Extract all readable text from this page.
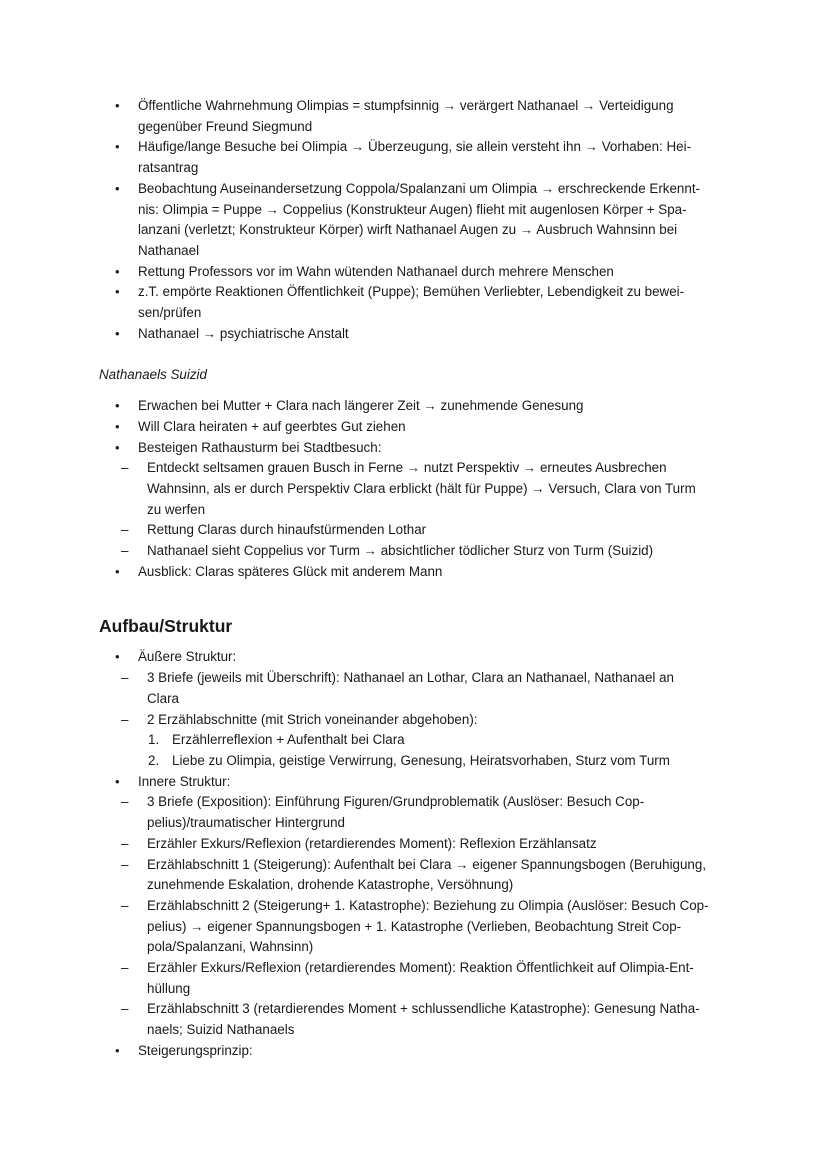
• Öffentliche Wahrnehmung Olimpias = stumpfsinnig → verärgert Nathanael → Verteidigung
gegenüber Freund Siegmund
• Häufige/lange Besuche bei Olimpia → Überzeugung, sie allein versteht ihn → Vorhaben: Hei-
ratsantrag
• Beobachtung Auseinandersetzung Coppola/Spalanzani um Olimpia → erschreckende Erkennt-
nis: Olimpia = Puppe → Coppelius (Konstrukteur Augen) flieht mit augenlosen Körper + Spa-
lanzani (verletzt; Konstrukteur Körper) wirft Nathanael Augen zu → Ausbruch Wahnsinn bei
Nathanael
• Rettung Professors vor im Wahn wütenden Nathanael durch mehrere Menschen
• z.T. empörte Reaktionen Öffentlichkeit (Puppe); Bemühen Verliebter, Lebendigkeit zu bewei-
sen/prüfen
• Nathanael → psychiatrische Anstalt
Nathanaels Suizid
• Erwachen bei Mutter + Clara nach längerer Zeit → zunehmende Genesung
• Will Clara heiraten + auf geerbtes Gut ziehen
• Besteigen Rathausturm bei Stadtbesuch:
– Entdeckt seltsamen grauen Busch in Ferne → nutzt Perspektiv → erneutes Ausbrechen
Wahnsinn, als er durch Perspektiv Clara erblickt (hält für Puppe) → Versuch, Clara von Turm
zu werfen
– Rettung Claras durch hinaufstürmenden Lothar
– Nathanael sieht Coppelius vor Turm → absichtlicher tödlicher Sturz von Turm (Suizid)
• Ausblick: Claras späteres Glück mit anderem Mann
Aufbau/Struktur
• Äußere Struktur:
– 3 Briefe (jeweils mit Überschrift): Nathanael an Lothar, Clara an Nathanael, Nathanael an
Clara
– 2 Erzählabschnitte (mit Strich voneinander abgehoben):
1. Erzählerreflexion + Aufenthalt bei Clara
2. Liebe zu Olimpia, geistige Verwirrung, Genesung, Heiratsvorhaben, Sturz vom Turm
• Innere Struktur:
– 3 Briefe (Exposition): Einführung Figuren/Grundproblematik (Auslöser: Besuch Cop-
pelius)/traumatischer Hintergrund
– Erzähler Exkurs/Reflexion (retardierendes Moment): Reflexion Erzählansatz
– Erzählabschnitt 1 (Steigerung): Aufenthalt bei Clara → eigener Spannungsbogen (Beruhigung,
zunehmende Eskalation, drohende Katastrophe, Versöhnung)
– Erzählabschnitt 2 (Steigerung+ 1. Katastrophe): Beziehung zu Olimpia (Auslöser: Besuch Cop-
pelius) → eigener Spannungsbogen + 1. Katastrophe (Verlieben, Beobachtung Streit Cop-
pola/Spalanzani, Wahnsinn)
– Erzähler Exkurs/Reflexion (retardierendes Moment): Reaktion Öffentlichkeit auf Olimpia-Ent-
hüllung
– Erzählabschnitt 3 (retardierendes Moment + schlussendliche Katastrophe): Genesung Natha-
naels; Suizid Nathanaels
• Steigerungsprinzip:
